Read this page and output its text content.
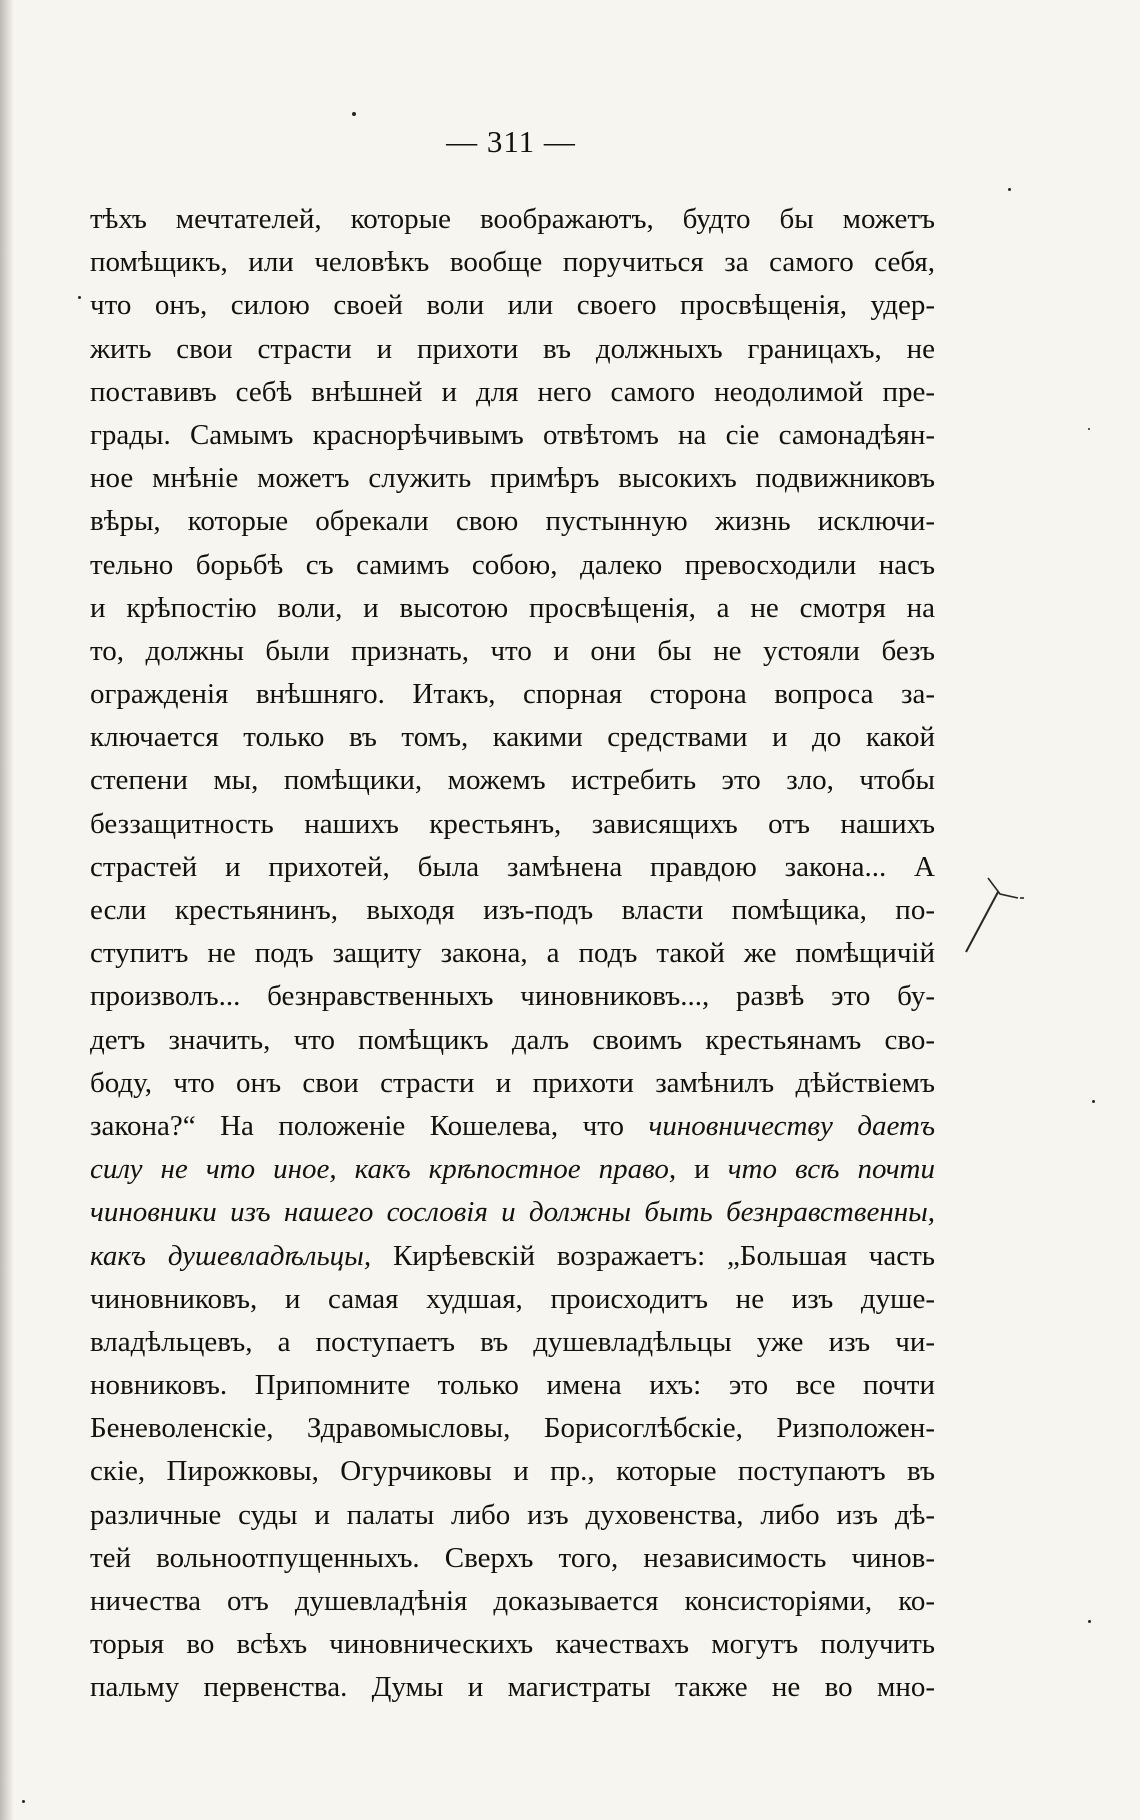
— 311 —
тѣхъ мечтателей, которые воображаютъ, будто бы можетъ
помѣщикъ, или человѣкъ вообще поручиться за самого себя,
что онъ, силою своей воли или своего просвѣщенія, удер-
жить свои страсти и прихоти въ должныхъ границахъ, не
поставивъ себѣ внѣшней и для него самого неодолимой пре-
грады. Самымъ краснорѣчивымъ отвѣтомъ на сіе самонадѣян-
ное мнѣніе можетъ служить примѣръ высокихъ подвижниковъ
вѣры, которые обрекали свою пустынную жизнь исключи-
тельно борьбѣ съ самимъ собою, далеко превосходили насъ
и крѣпостію воли, и высотою просвѣщенія, а не смотря на
то, должны были признать, что и они бы не устояли безъ
огражденія внѣшняго. Итакъ, спорная сторона вопроса за-
ключается только въ томъ, какими средствами и до какой
степени мы, помѣщики, можемъ истребить это зло, чтобы
беззащитность нашихъ крестьянъ, зависящихъ отъ нашихъ
страстей и прихотей, была замѣнена правдою закона... А
если крестьянинъ, выходя изъ-подъ власти помѣщика, по-
ступитъ не подъ защиту закона, а подъ такой же помѣщичій
произволъ... безнравственныхъ чиновниковъ..., развѣ это бу-
детъ значить, что помѣщикъ далъ своимъ крестьянамъ сво-
боду, что онъ свои страсти и прихоти замѣнилъ дѣйствіемъ
закона?“ На положеніе Кошелева, что чиновничеству даетъ
силу не что иное, какъ крѣпостное право, и что всѣ почти
чиновники изъ нашего сословія и должны быть безнравственны,
какъ душевладѣльцы, Кирѣевскій возражаетъ: „Большая часть
чиновниковъ, и самая худшая, происходитъ не изъ душе-
владѣльцевъ, а поступаетъ въ душевладѣльцы уже изъ чи-
новниковъ. Припомните только имена ихъ: это все почти
Беневоленскіе, Здравомысловы, Борисоглѣбскіе, Ризположен-
скіе, Пирожковы, Огурчиковы и пр., которые поступаютъ въ
различные суды и палаты либо изъ духовенства, либо изъ дѣ-
тей вольноотпущенныхъ. Сверхъ того, независимость чинов-
ничества отъ душевладѣнія доказывается консисторіями, ко-
торыя во всѣхъ чиновническихъ качествахъ могутъ получить
пальму первенства. Думы и магистраты также не во мно-
